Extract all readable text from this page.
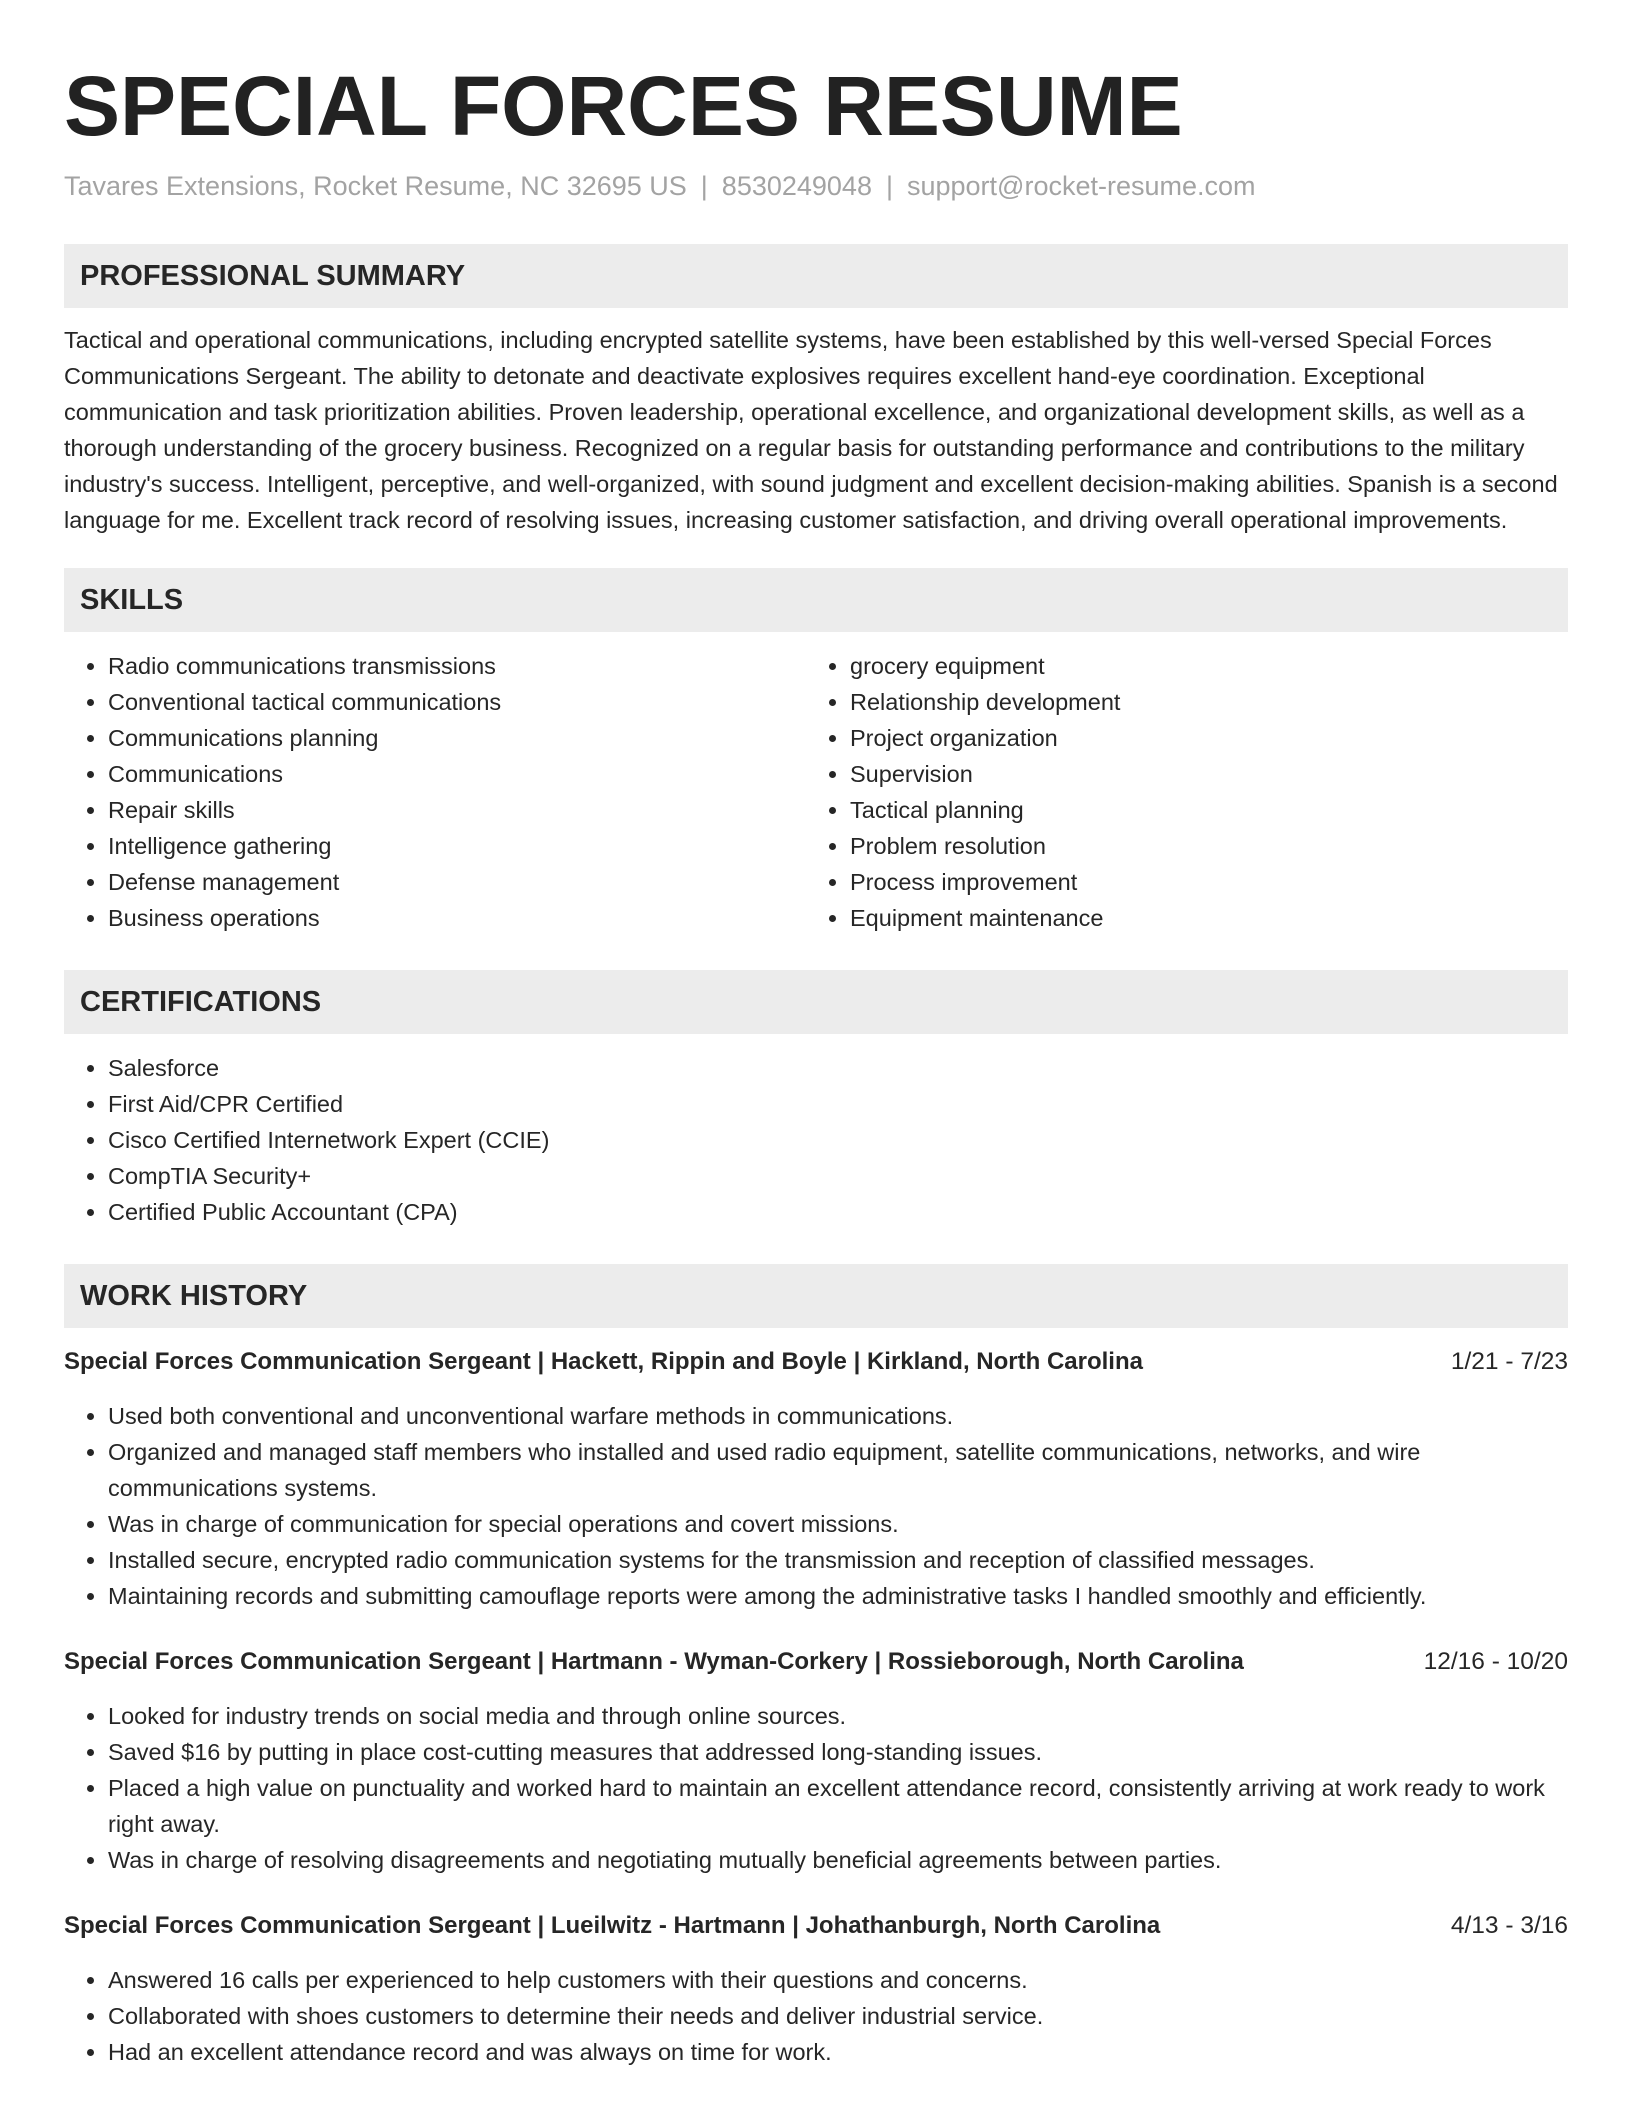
SPECIAL FORCES RESUME
Tavares Extensions, Rocket Resume, NC 32695 US | 8530249048 | support@rocket-resume.com
PROFESSIONAL SUMMARY

Tactical and operational communications, including encrypted satellite systems, have been established by this well-versed Special Forces Communications Sergeant. The ability to detonate and deactivate explosives requires excellent hand-eye coordination. Exceptional communication and task prioritization abilities. Proven leadership, operational excellence, and organizational development skills, as well as a thorough understanding of the grocery business. Recognized on a regular basis for outstanding performance and contributions to the military industry's success. Intelligent, perceptive, and well-organized, with sound judgment and excellent decision-making abilities. Spanish is a second language for me. Excellent track record of resolving issues, increasing customer satisfaction, and driving overall operational improvements.

SKILLS
• Radio communications transmissions
• Conventional tactical communications
• Communications planning
• Communications
• Repair skills
• Intelligence gathering
• Defense management
• Business operations
• grocery equipment
• Relationship development
• Project organization
• Supervision
• Tactical planning
• Problem resolution
• Process improvement
• Equipment maintenance
CERTIFICATIONS
• Salesforce
• First Aid/CPR Certified
• Cisco Certified Internetwork Expert (CCIE)
• CompTIA Security+
• Certified Public Accountant (CPA)
WORK HISTORY
Special Forces Communication Sergeant | Hackett, Rippin and Boyle | Kirkland, North Carolina	1/21 - 7/23
• Used both conventional and unconventional warfare methods in communications.
• Organized and managed staff members who installed and used radio equipment, satellite communications, networks, and wire communications systems.
• Was in charge of communication for special operations and covert missions.
• Installed secure, encrypted radio communication systems for the transmission and reception of classified messages.
• Maintaining records and submitting camouflage reports were among the administrative tasks I handled smoothly and efficiently.
Special Forces Communication Sergeant | Hartmann - Wyman-Corkery | Rossieborough, North Carolina	12/16 - 10/20
• Looked for industry trends on social media and through online sources.
• Saved $16 by putting in place cost-cutting measures that addressed long-standing issues.
• Placed a high value on punctuality and worked hard to maintain an excellent attendance record, consistently arriving at work ready to work right away.
• Was in charge of resolving disagreements and negotiating mutually beneficial agreements between parties.
Special Forces Communication Sergeant | Lueilwitz - Hartmann | Johathanburgh, North Carolina	4/13 - 3/16
• Answered 16 calls per experienced to help customers with their questions and concerns.
• Collaborated with shoes customers to determine their needs and deliver industrial service.
• Had an excellent attendance record and was always on time for work.
